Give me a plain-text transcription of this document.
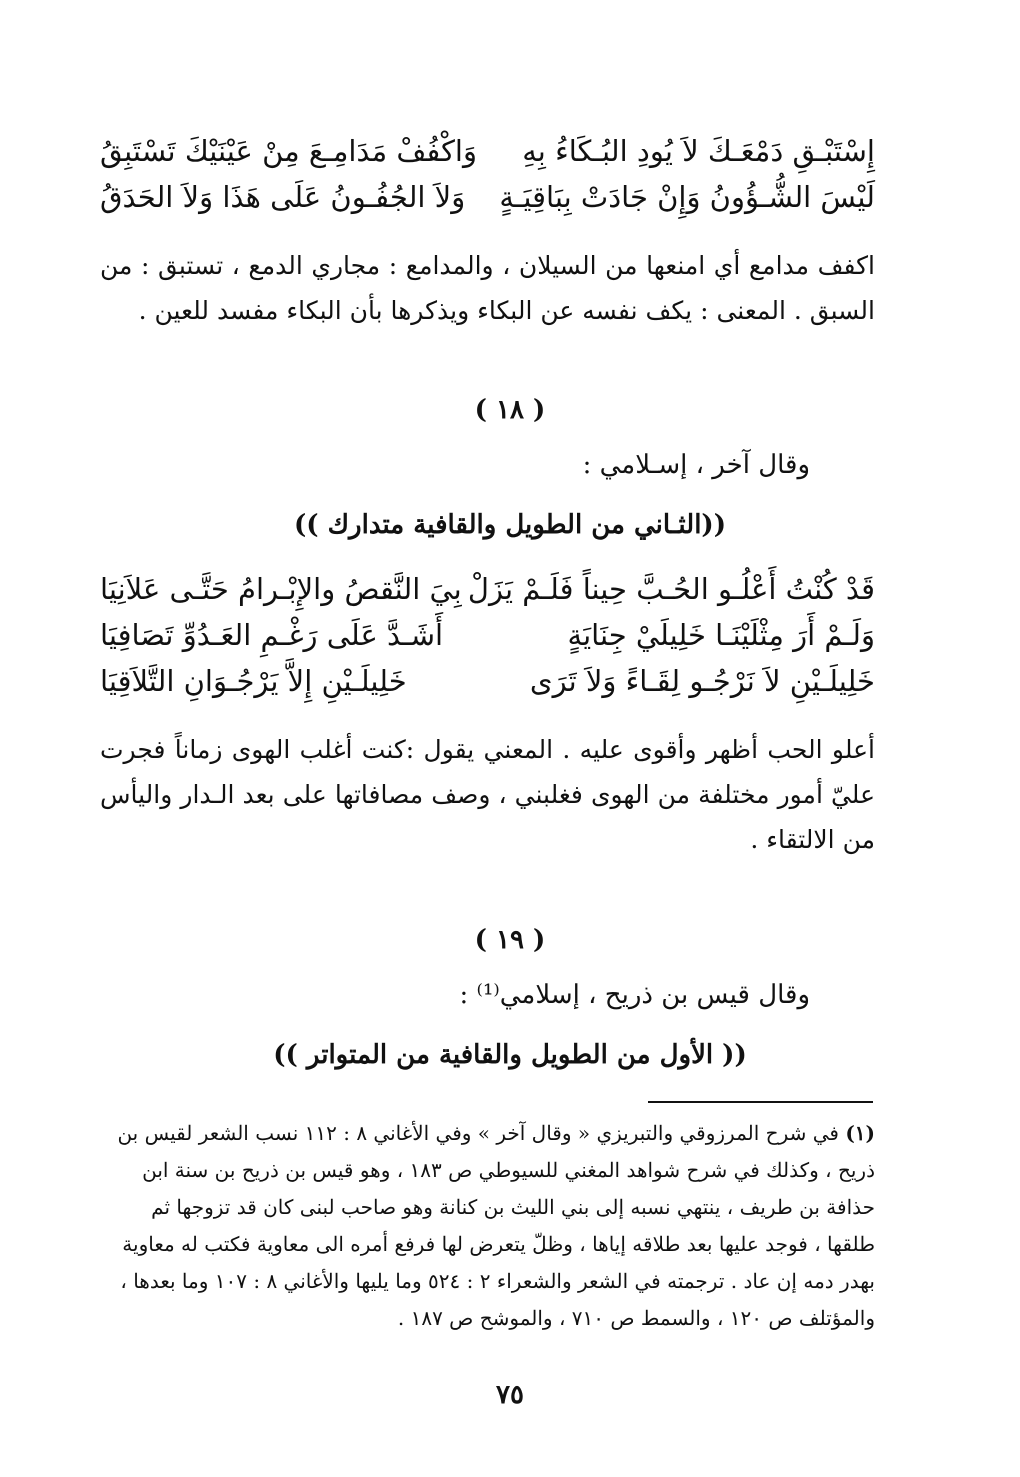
إِسْتَبْـقِ دَمْعَـكَ لاَ يُودِ البُـكَاءُ بِهِ
وَاكْفُفْ مَدَامِـعَ مِنْ عَيْنَيْكَ تَسْتَبِقُ
لَيْسَ الشُّـؤُونُ وَإِنْ جَادَتْ بِبَاقِيَـةٍ
وَلاَ الجُفُـونُ عَلَى هَذَا وَلاَ الحَدَقُ

اكفف مدامع أي امنعها من السيلان ، والمدامع : مجاري الدمع ، تستبق : من السبق . المعنى : يكف نفسه عن البكاء ويذكرها بأن البكاء مفسد للعين .

( ١٨ )
وقال آخر ، إسـلامي :
((الثـاني من الطويل والقافية متدارك ))
قَدْ كُنْتُ أَعْلُـو الحُـبَّ حِيناً فَلَـمْ يَزَلْ
بِيَ النَّقصُ والإِبْـرامُ حَتَّـى عَلاَنِيَا
وَلَـمْ أَرَ مِثْلَيْنَـا خَلِيلَيْ جِنَايَةٍ
أَشَـدَّ عَلَى رَغْـمِ العَـدُوِّ تَصَافِيَا
خَلِيلَـيْنِ لاَ نَرْجُـو لِقَـاءً وَلاَ تَرَى
خَلِيلَـيْنِ إِلاَّ يَرْجُـوَانِ التَّلاَقِيَا

أعلو الحب أظهر وأقوى عليه . المعني يقول :كنت أغلب الهوى زماناً فجرت عليّ أمور مختلفة من الهوى فغلبني ، وصف مصافاتها على بعد الـدار واليأس من الالتقاء .

( ١٩ )
وقال قيس بن ذريح ، إسلامي⁽¹⁾ :
(( الأول من الطويل والقافية من المتواتر ))

(١) في شرح المرزوقي والتبريزي « وقال آخر » وفي الأغاني ٨ : ١١٢ نسب الشعر لقيس بن ذريح ، وكذلك في شرح شواهد المغني للسيوطي ص ١٨٣ ، وهو قيس بن ذريح بن سنة ابن حذافة بن طريف ، ينتهي نسبه إلى بني الليث بن كنانة وهو صاحب لبنى كان قد تزوجها ثم طلقها ، فوجد عليها بعد طلاقه إياها ، وظلّ يتعرض لها فرفع أمره الى معاوية فكتب له معاوية بهدر دمه إن عاد . ترجمته في الشعر والشعراء ٢ : ٥٢٤ وما يليها والأغاني ٨ : ١٠٧ وما بعدها ، والمؤتلف ص ١٢٠ ، والسمط ص ٧١٠ ، والموشح ص ١٨٧ .

٧٥
